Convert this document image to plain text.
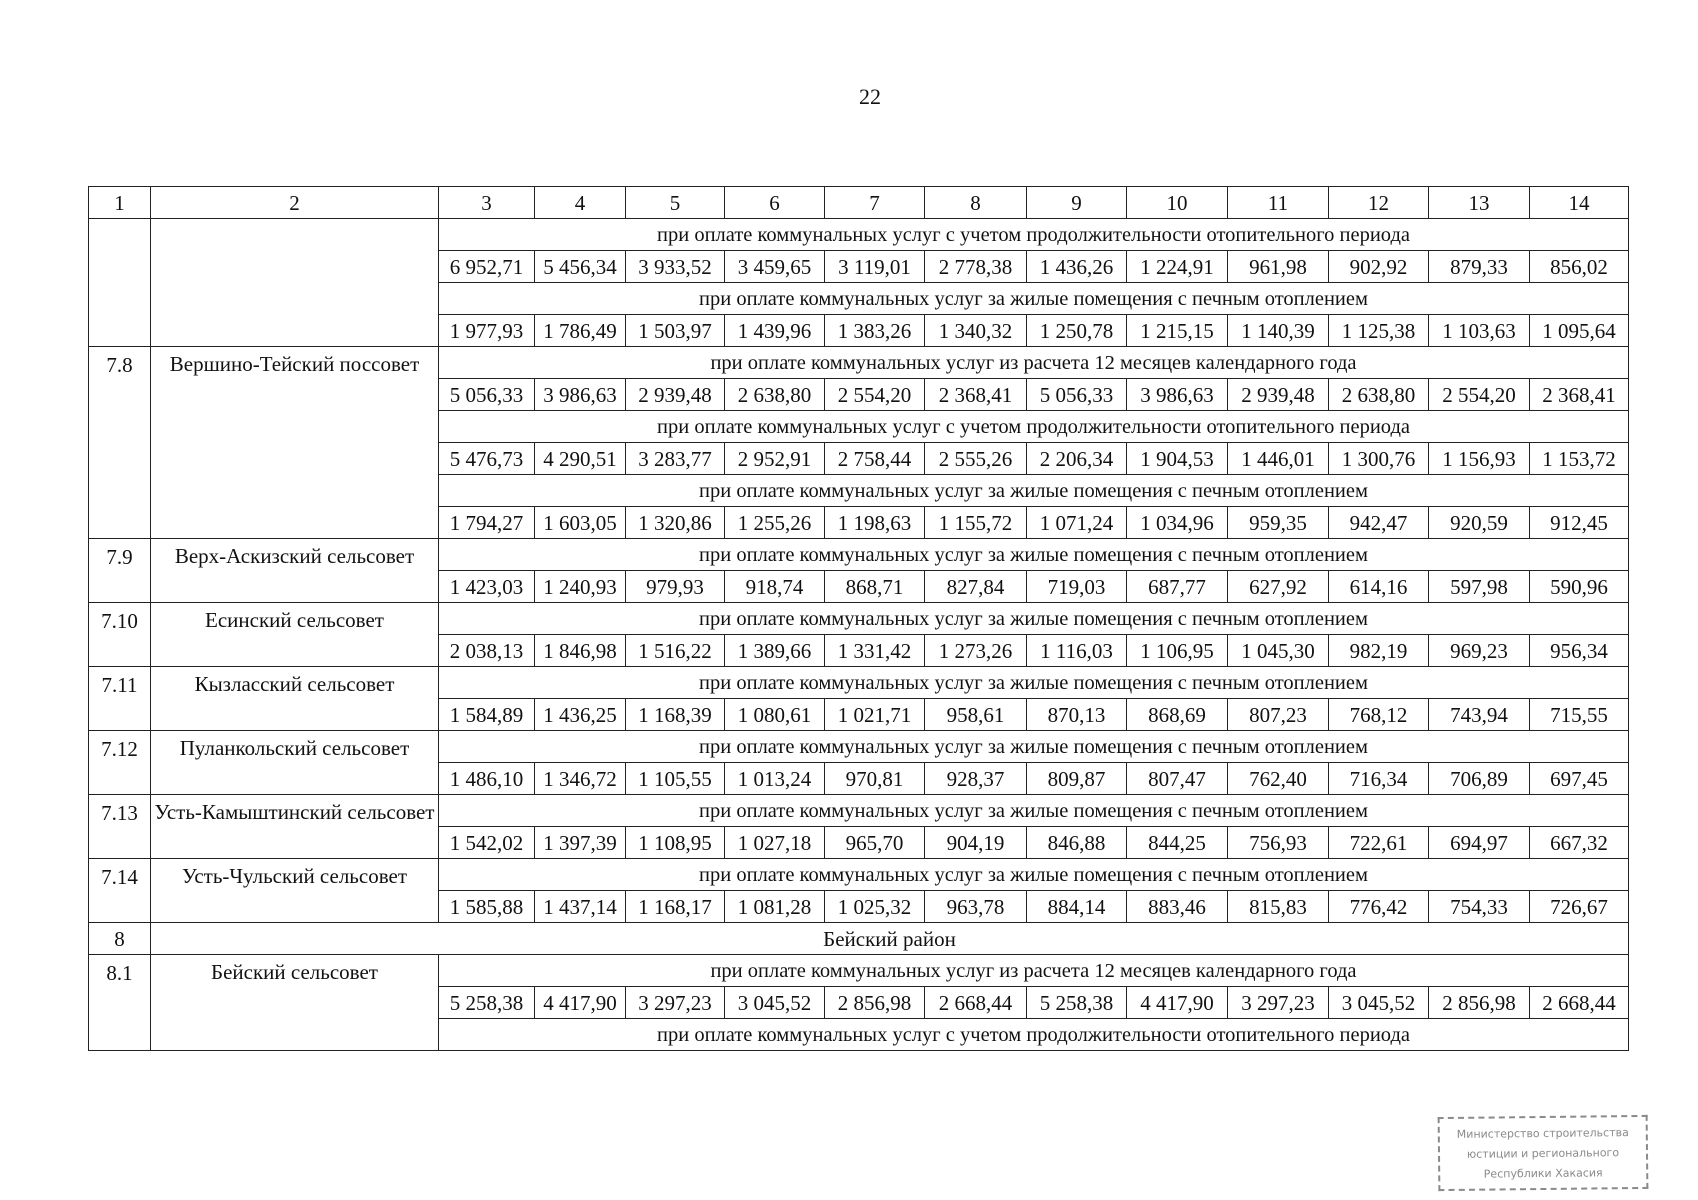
22
1	2	3	4	5	6	7	8	9	10	11	12	13	14
		при оплате коммунальных услуг с учетом продолжительности отопительного периода											
		6 952,71	5 456,34	3 933,52	3 459,65	3 119,01	2 778,38	1 436,26	1 224,91	961,98	902,92	879,33	856,02
		при оплате коммунальных услуг за жилые помещения с печным отоплением											
		1 977,93	1 786,49	1 503,97	1 439,96	1 383,26	1 340,32	1 250,78	1 215,15	1 140,39	1 125,38	1 103,63	1 095,64
7.8	Вершино-Тейский поссовет	при оплате коммунальных услуг из расчета 12 месяцев календарного года											
		5 056,33	3 986,63	2 939,48	2 638,80	2 554,20	2 368,41	5 056,33	3 986,63	2 939,48	2 638,80	2 554,20	2 368,41
		при оплате коммунальных услуг с учетом продолжительности отопительного периода											
		5 476,73	4 290,51	3 283,77	2 952,91	2 758,44	2 555,26	2 206,34	1 904,53	1 446,01	1 300,76	1 156,93	1 153,72
		при оплате коммунальных услуг за жилые помещения с печным отоплением											
		1 794,27	1 603,05	1 320,86	1 255,26	1 198,63	1 155,72	1 071,24	1 034,96	959,35	942,47	920,59	912,45
7.9	Верх-Аскизский сельсовет	при оплате коммунальных услуг за жилые помещения с печным отоплением											
		1 423,03	1 240,93	979,93	918,74	868,71	827,84	719,03	687,77	627,92	614,16	597,98	590,96
7.10	Есинский сельсовет	при оплате коммунальных услуг за жилые помещения с печным отоплением											
		2 038,13	1 846,98	1 516,22	1 389,66	1 331,42	1 273,26	1 116,03	1 106,95	1 045,30	982,19	969,23	956,34
7.11	Кызласский сельсовет	при оплате коммунальных услуг за жилые помещения с печным отоплением											
		1 584,89	1 436,25	1 168,39	1 080,61	1 021,71	958,61	870,13	868,69	807,23	768,12	743,94	715,55
7.12	Пуланкольский сельсовет	при оплате коммунальных услуг за жилые помещения с печным отоплением											
		1 486,10	1 346,72	1 105,55	1 013,24	970,81	928,37	809,87	807,47	762,40	716,34	706,89	697,45
7.13	Усть-Камыштинский сельсовет	при оплате коммунальных услуг за жилые помещения с печным отоплением											
		1 542,02	1 397,39	1 108,95	1 027,18	965,70	904,19	846,88	844,25	756,93	722,61	694,97	667,32
7.14	Усть-Чульский сельсовет	при оплате коммунальных услуг за жилые помещения с печным отоплением											
		1 585,88	1 437,14	1 168,17	1 081,28	1 025,32	963,78	884,14	883,46	815,83	776,42	754,33	726,67
8	Бейский район												
8.1	Бейский сельсовет	при оплате коммунальных услуг из расчета 12 месяцев календарного года											
		5 258,38	4 417,90	3 297,23	3 045,52	2 856,98	2 668,44	5 258,38	4 417,90	3 297,23	3 045,52	2 856,98	2 668,44
		при оплате коммунальных услуг с учетом продолжительности отопительного периода											
Министерство строительства
юстиции и регионального
Республики Хакасия
